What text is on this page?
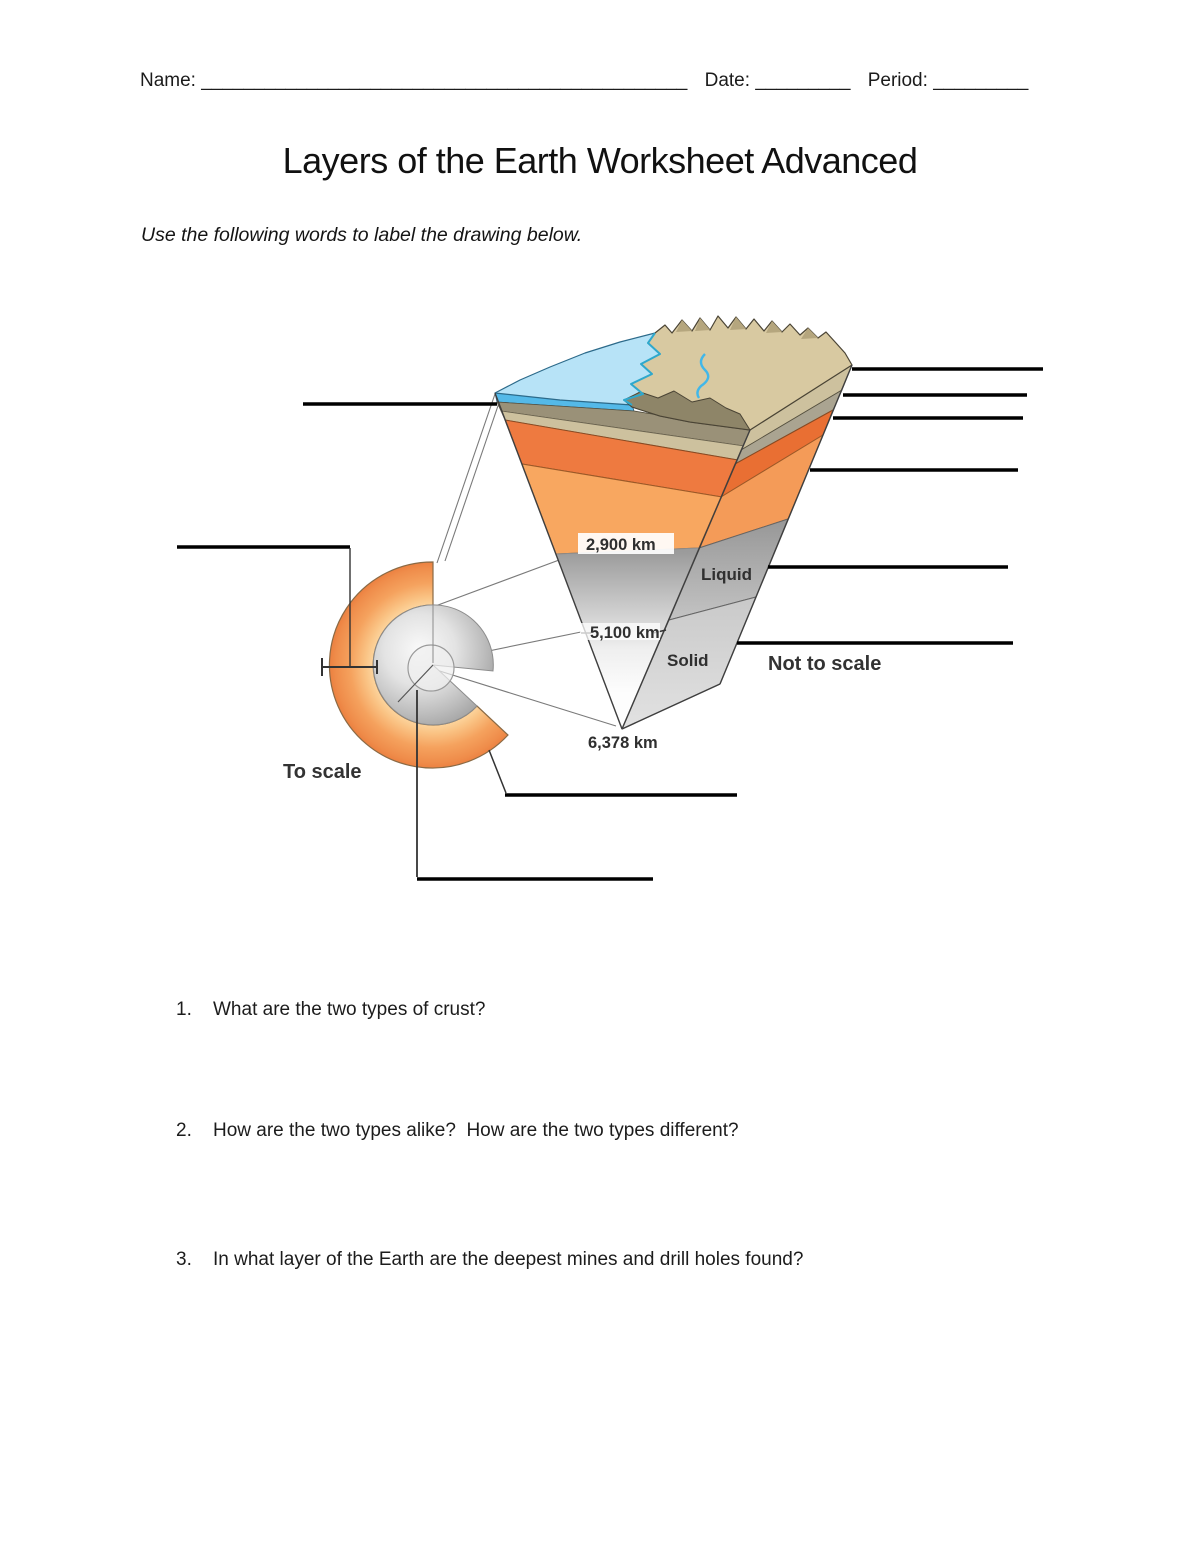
Name: ______________________________________________ Date: _________ Period: _________
Layers of the Earth Worksheet Advanced

Use the following words to label the drawing below.

2,900 km
Liquid
5,100 km
Solid
6,378 km
Not to scale
To scale
1.	What are the two types of crust?
2.	How are the two types alike?  How are the two types different?
3.	In what layer of the Earth are the deepest mines and drill holes found?
